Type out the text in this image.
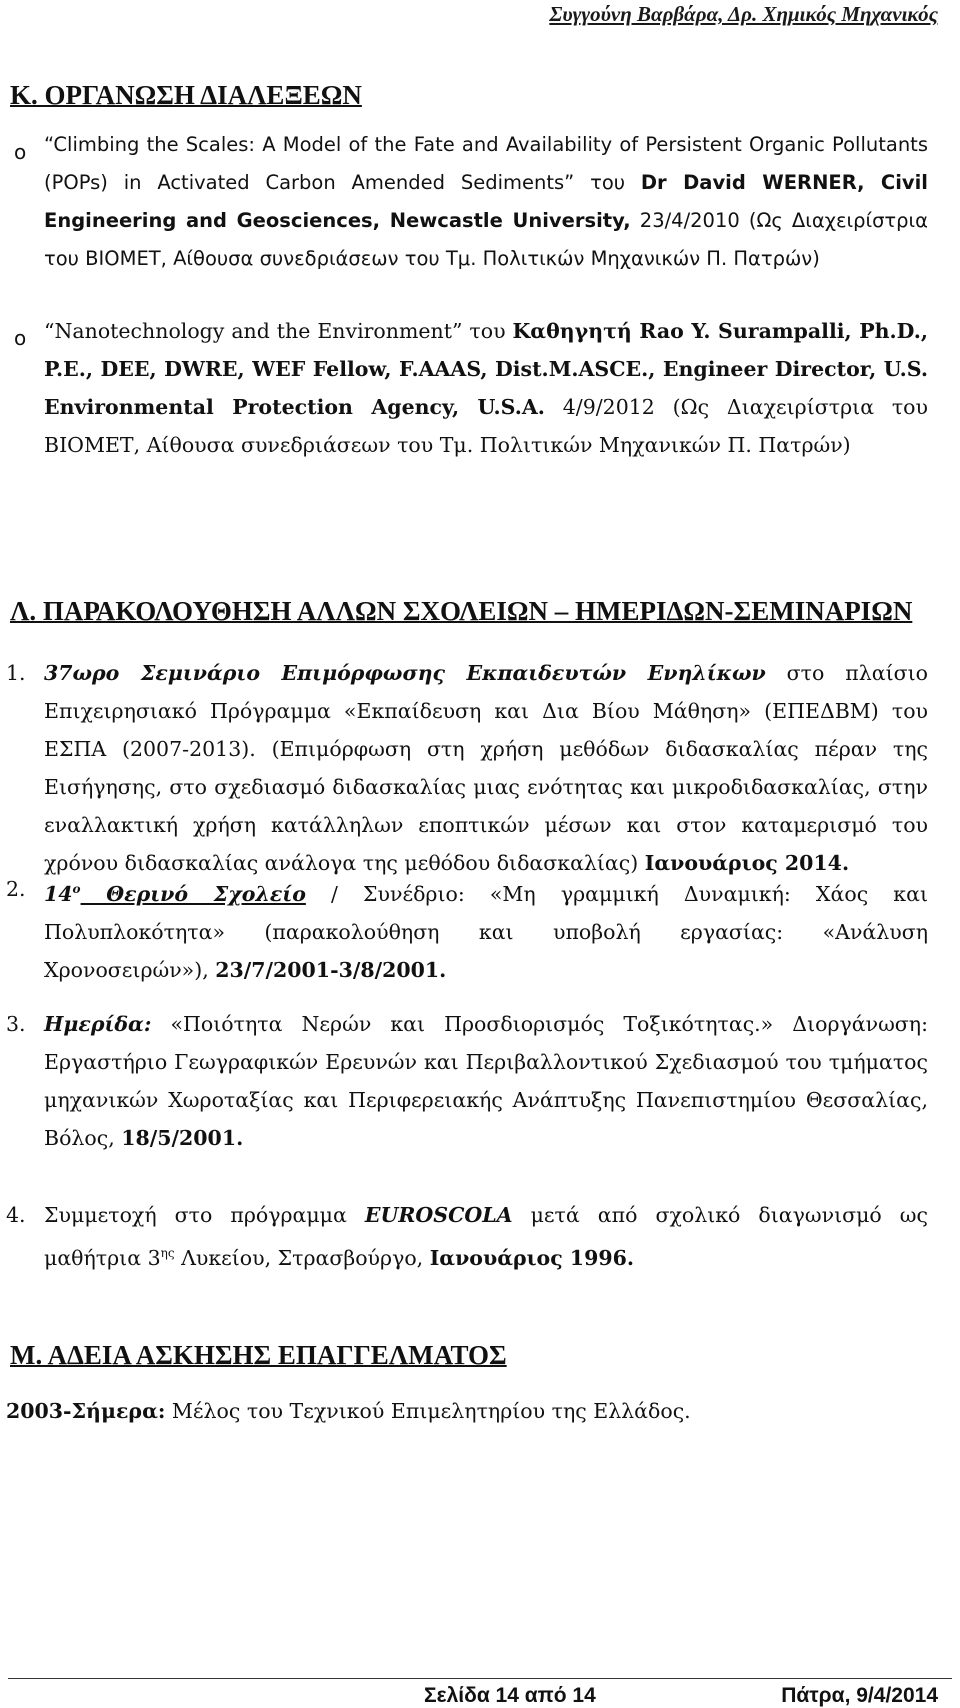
Συγγούνη Βαρβάρα, Δρ. Χημικός Μηχανικός
Κ. ΟΡΓΑΝΩΣΗ ΔΙΑΛΕΞΕΩΝ
o “Climbing the Scales: A Model of the Fate and Availability of Persistent Organic Pollutants (POPs) in Activated Carbon Amended Sediments” του Dr David WERNER, Civil Engineering and Geosciences, Newcastle University, 23/4/2010 (Ως Διαχειρίστρια του ΒΙΟΜΕΤ, Αίθουσα συνεδριάσεων του Τμ. Πολιτικών Μηχανικών Π. Πατρών)
o “Nanotechnology and the Environment” του Καθηγητή Rao Y. Surampalli, Ph.D., P.E., DEE, DWRE, WEF Fellow, F.AAAS, Dist.M.ASCE., Engineer Director, U.S. Environmental Protection Agency, U.S.A. 4/9/2012 (Ως Διαχειρίστρια του ΒΙΟΜΕΤ, Αίθουσα συνεδριάσεων του Τμ. Πολιτικών Μηχανικών Π. Πατρών)
Λ. ΠΑΡΑΚΟΛΟΥΘΗΣΗ ΑΛΛΩΝ ΣΧΟΛΕΙΩΝ – ΗΜΕΡΙΔΩΝ-ΣΕΜΙΝΑΡΙΩΝ
1. 37ωρο Σεμινάριο Επιμόρφωσης Εκπαιδευτών Ενηλίκων στο πλαίσιο Επιχειρησιακό Πρόγραμμα «Εκπαίδευση και Δια Βίου Μάθηση» (ΕΠΕΔΒΜ) του ΕΣΠΑ (2007-2013). (Επιμόρφωση στη χρήση μεθόδων διδασκαλίας πέραν της Εισήγησης, στο σχεδιασμό διδασκαλίας μιας ενότητας και μικροδιδασκαλίας, στην εναλλακτική χρήση κατάλληλων εποπτικών μέσων και στον καταμερισμό του χρόνου διδασκαλίας ανάλογα της μεθόδου διδασκαλίας) Ιανουάριος 2014.
2. $14^o$ Θερινό Σχολείο / Συνέδριο: «Μη γραμμική Δυναμική: Χάος και Πολυπλοκότητα» (παρακολούθηση και υποβολή εργασίας: «Ανάλυση Χρονοσειρών»), 23/7/2001-3/8/2001.
3. Ημερίδα: «Ποιότητα Νερών και Προσδιορισμός Τοξικότητας.» Διοργάνωση: Εργαστήριο Γεωγραφικών Ερευνών και Περιβαλλοντικού Σχεδιασμού του τμήματος μηχανικών Χωροταξίας και Περιφερειακής Ανάπτυξης Πανεπιστημίου Θεσσαλίας, Βόλος, 18/5/2001.
4. Συμμετοχή στο πρόγραμμα EUROSCOLA μετά από σχολικό διαγωνισμό ως μαθήτρια $3^{\eta\varsigma}$ Λυκείου, Στρασβούργο, Ιανουάριος 1996.
Μ. ΑΔΕΙΑ ΑΣΚΗΣΗΣ ΕΠΑΓΓΕΛΜΑΤΟΣ
2003-Σήμερα: Μέλος του Τεχνικού Επιμελητηρίου της Ελλάδος.
Σελίδα 14 από 14	Πάτρα, 9/4/2014
